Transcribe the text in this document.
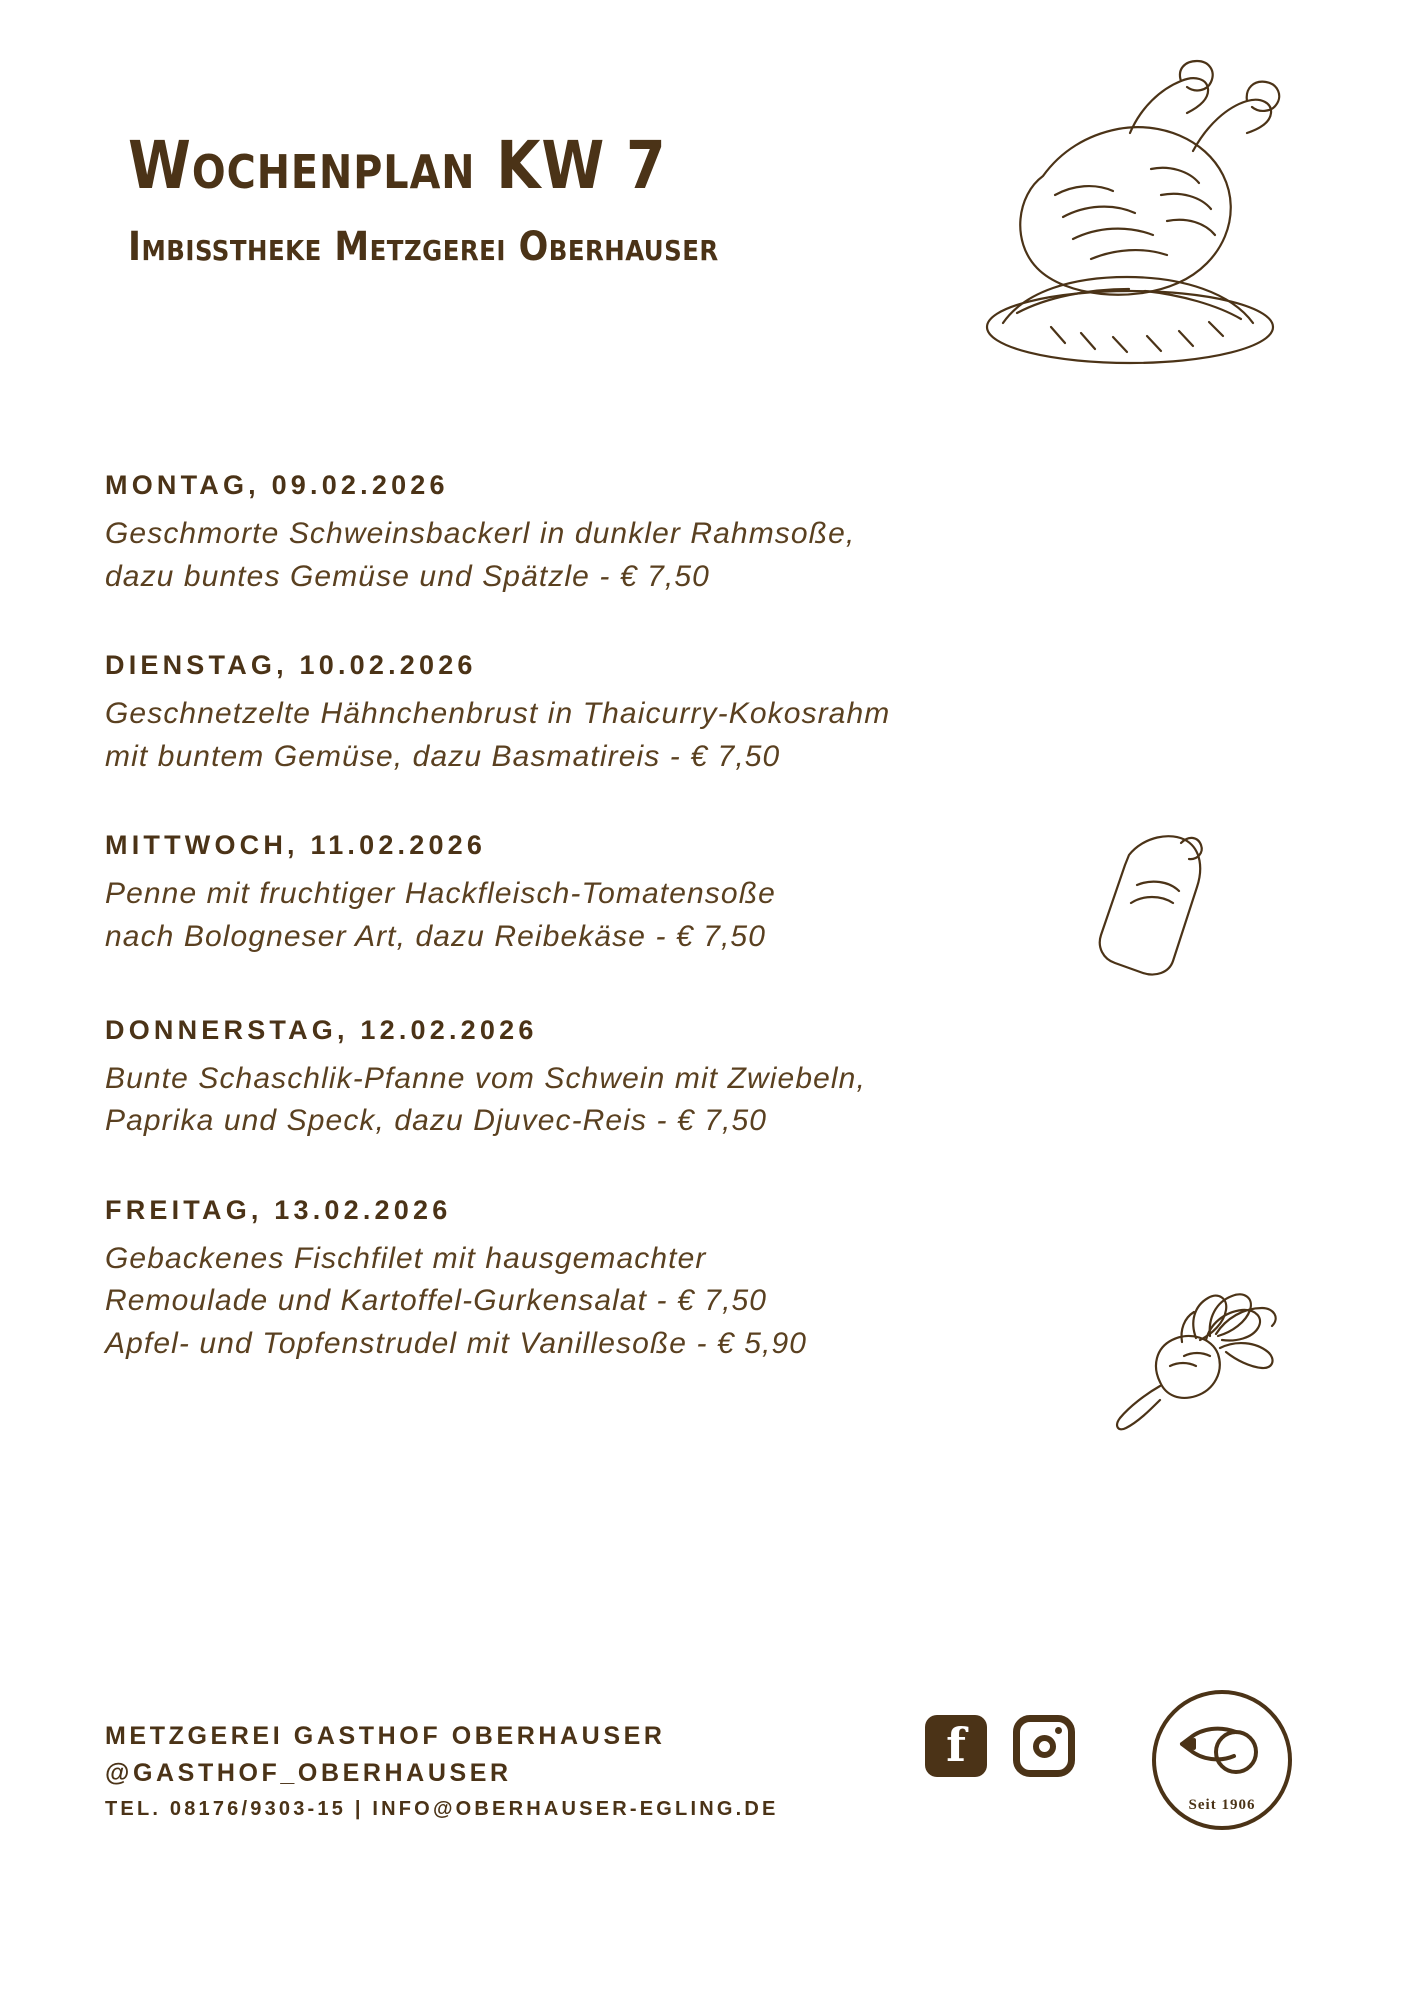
Wochenplan KW 7
Imbisstheke Metzgerei Oberhauser
MONTAG, 09.02.2026
Geschmorte Schweinsbackerl in dunkler Rahmsoße,
dazu buntes Gemüse und Spätzle - € 7,50
DIENSTAG, 10.02.2026
Geschnetzelte Hähnchenbrust in Thaicurry-Kokosrahm
mit buntem Gemüse, dazu Basmatireis - € 7,50
MITTWOCH, 11.02.2026
Penne mit fruchtiger Hackfleisch-Tomatensoße
nach Bologneser Art, dazu Reibekäse - € 7,50
DONNERSTAG, 12.02.2026
Bunte Schaschlik-Pfanne vom Schwein mit Zwiebeln,
Paprika und Speck, dazu Djuvec-Reis - € 7,50
FREITAG, 13.02.2026
Gebackenes Fischfilet mit hausgemachter
Remoulade und Kartoffel-Gurkensalat - € 7,50
Apfel- und Topfenstrudel mit Vanillesoße - € 5,90
METZGEREI GASTHOF OBERHAUSER
@GASTHOF_OBERHAUSER
TEL. 08176/9303-15 | INFO@OBERHAUSER-EGLING.DE
f	Seit 1906
